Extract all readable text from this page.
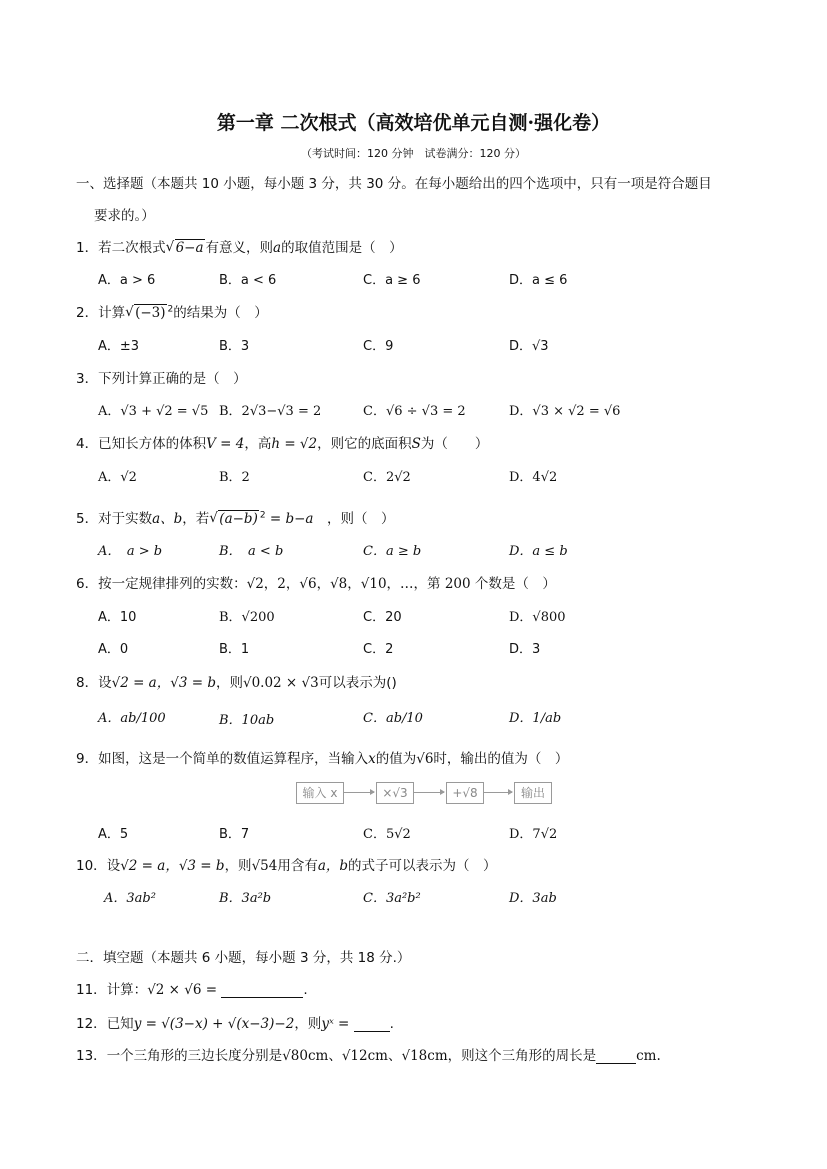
第一章 二次根式（高效培优单元自测·强化卷）
（考试时间：120 分钟　试卷满分：120 分）
一、选择题（本题共 10 小题，每小题 3 分，共 30 分。在每小题给出的四个选项中，只有一项是符合题目
要求的。）
1．若二次根式 √ 6−a 有意义，则a的取值范围是（　）
A．a > 6	B．a < 6	C．a ≥ 6	D．a ≤ 6
2．计算 √ (−3) $^2$的结果为（　）
A．±3	B．3	C．9	D．√3
3．下列计算正确的是（　）
A．√3 + √2 = √5 B．2√3−√3 = 2	C．√6 ÷ √3 = 2	D．√3 × √2 = √6
4．已知长方体的体积V = 4，高h = √2，则它的底面积S为（　　）
A．√2	B．2	C．2√2	D．4√2
5．对于实数a、b，若 √ (a−b) $^2$ = b−a　，则（　）
A．　a > b	B．　a < b	C．a ≥ b	D．a ≤ b
6．按一定规律排列的实数：√2，2，√6，√8，√10，…，第 200 个数是（　）
A．10	B．√200	C．20	D．√800
A．0	B．1	C．2	D．3
8．设√2 = a，√3 = b，则√0.02 × √3可以表示为()
A．ab/100	B．10ab	C．ab/10	D．1/ab
9．如图，这是一个简单的数值运算程序，当输入x的值为√6时，输出的值为（　）
输入 x	×√3	+√8	输出
A．5	B．7	C．5√2	D．7√2
10．设√2 = a，√3 = b，则√54用含有a，b的式子可以表示为（　）
A．3ab²	B．3a²b	C．3a²b²	D．3ab
二．填空题（本题共 6 小题，每小题 3 分，共 18 分.）
11．计算：√2 × √6 =	.
12．已知y = √(3−x) + √(x−3)−2，则yˣ =	.
13．一个三角形的三边长度分别是√80cm、√12cm、√18cm，则这个三角形的周长是	cm.
